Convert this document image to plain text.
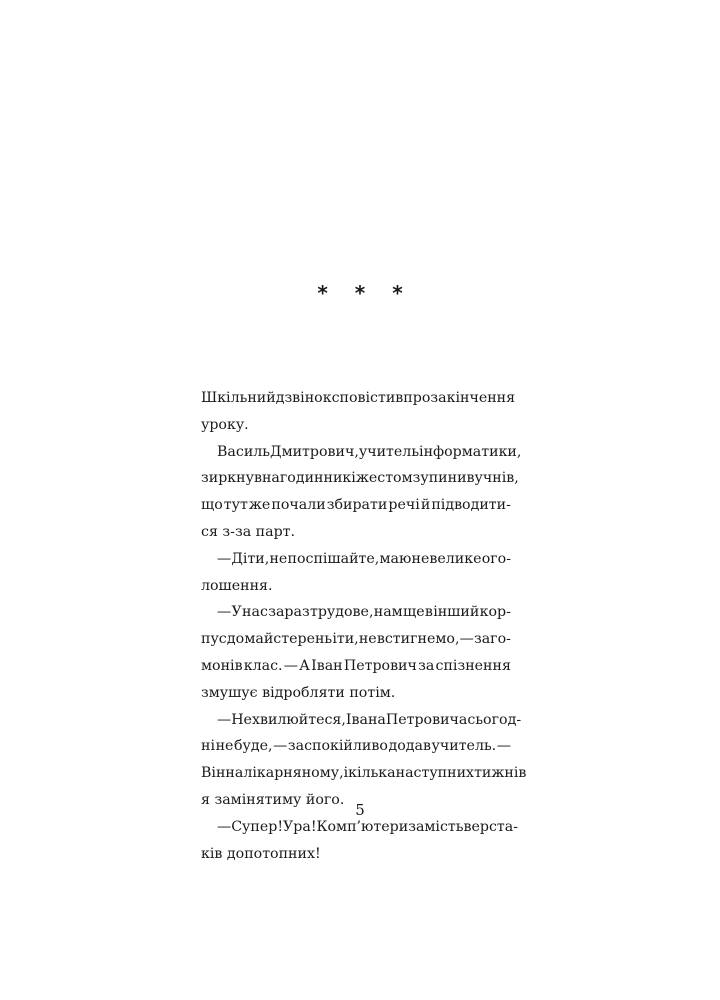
* * *
Шкільний дзвінок сповістив про закінчення
уроку.
Василь Дмитрович, учитель інформатики,
зиркнув на годинник і жестом зупинив учнів,
що тут же почали збирати речі й підводити-
ся
з-за
парт.
— Діти, не поспішайте, маю невелике ого-
лошення.
— У нас зараз трудове, нам ще в інший кор-
пус до майстерень іти, не встигнемо, — заго-
монів клас. — А Іван Петрович за спізнення
змушує
відробляти
потім.
— Не хвилюйтеся, Івана Петровича сьогод-
ні не буде, — заспокійливо додав учитель. —
Він на лікарняному, і кілька наступних тижнів
я
замінятиму
його.
— Супер! Ура! Комп’ютери замість верста-
ків
допотопних!
5
